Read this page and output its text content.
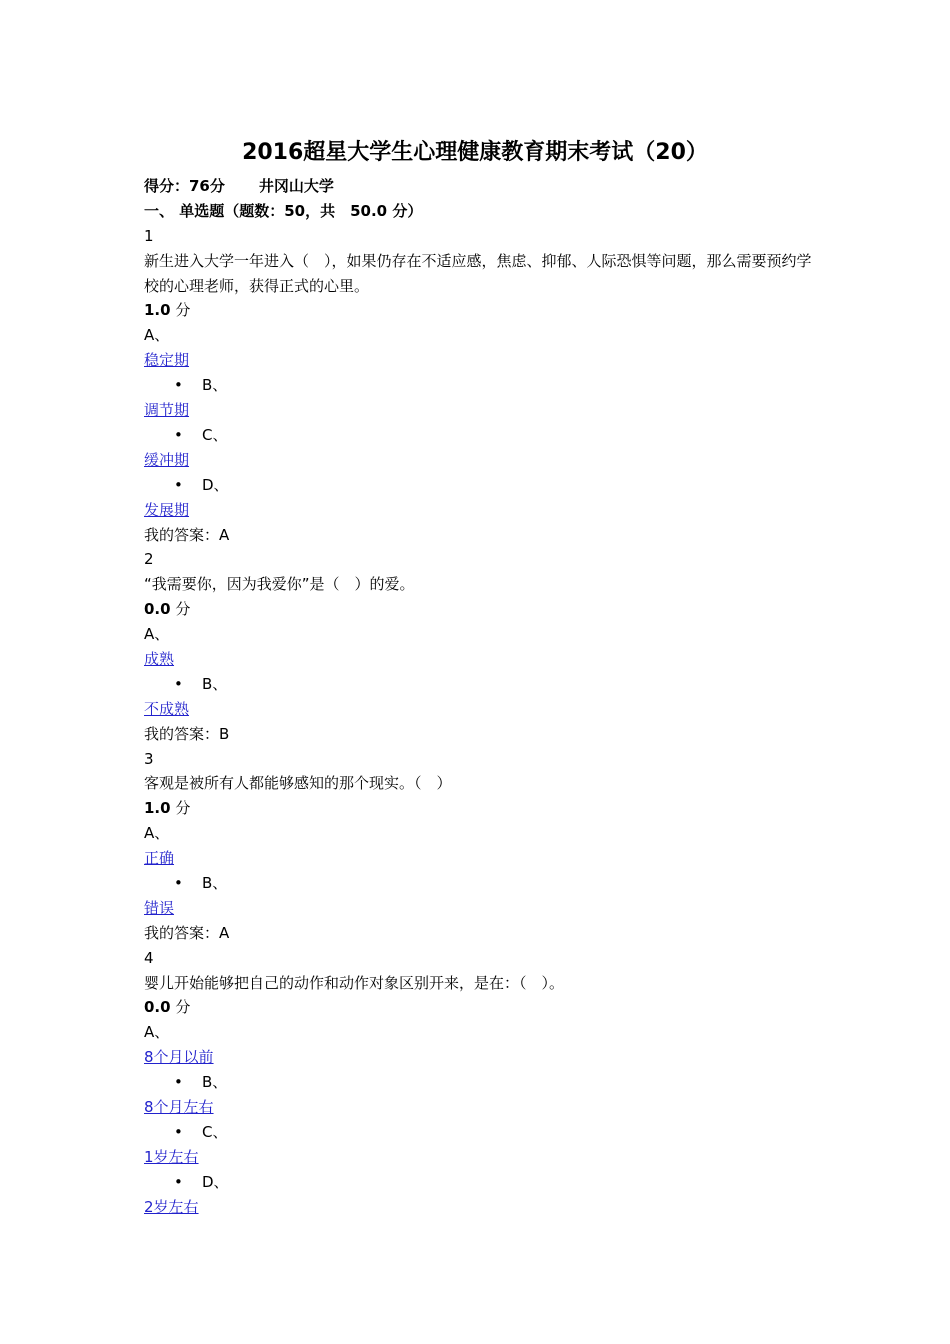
2016超星大学生心理健康教育期末考试（20）
得分：76分 井冈山大学
一、 单选题（题数：50，共　50.0 分）
1
新生进入大学一年进入（　），如果仍存在不适应感，焦虑、抑郁、人际恐惧等问题，那么需要预约学校的心理老师，获得正式的心里。
1.0 分
A、
稳定期
• B、
调节期
• C、
缓冲期
• D、
发展期
我的答案：A
2
“我需要你，因为我爱你”是（　）的爱。
0.0 分
A、
成熟
• B、
不成熟
我的答案：B
3
客观是被所有人都能够感知的那个现实。（　）
1.0 分
A、
正确
• B、
错误
我的答案：A
4
婴儿开始能够把自己的动作和动作对象区别开来，是在：（　）。
0.0 分
A、
8个月以前
• B、
8个月左右
• C、
1岁左右
• D、
2岁左右
